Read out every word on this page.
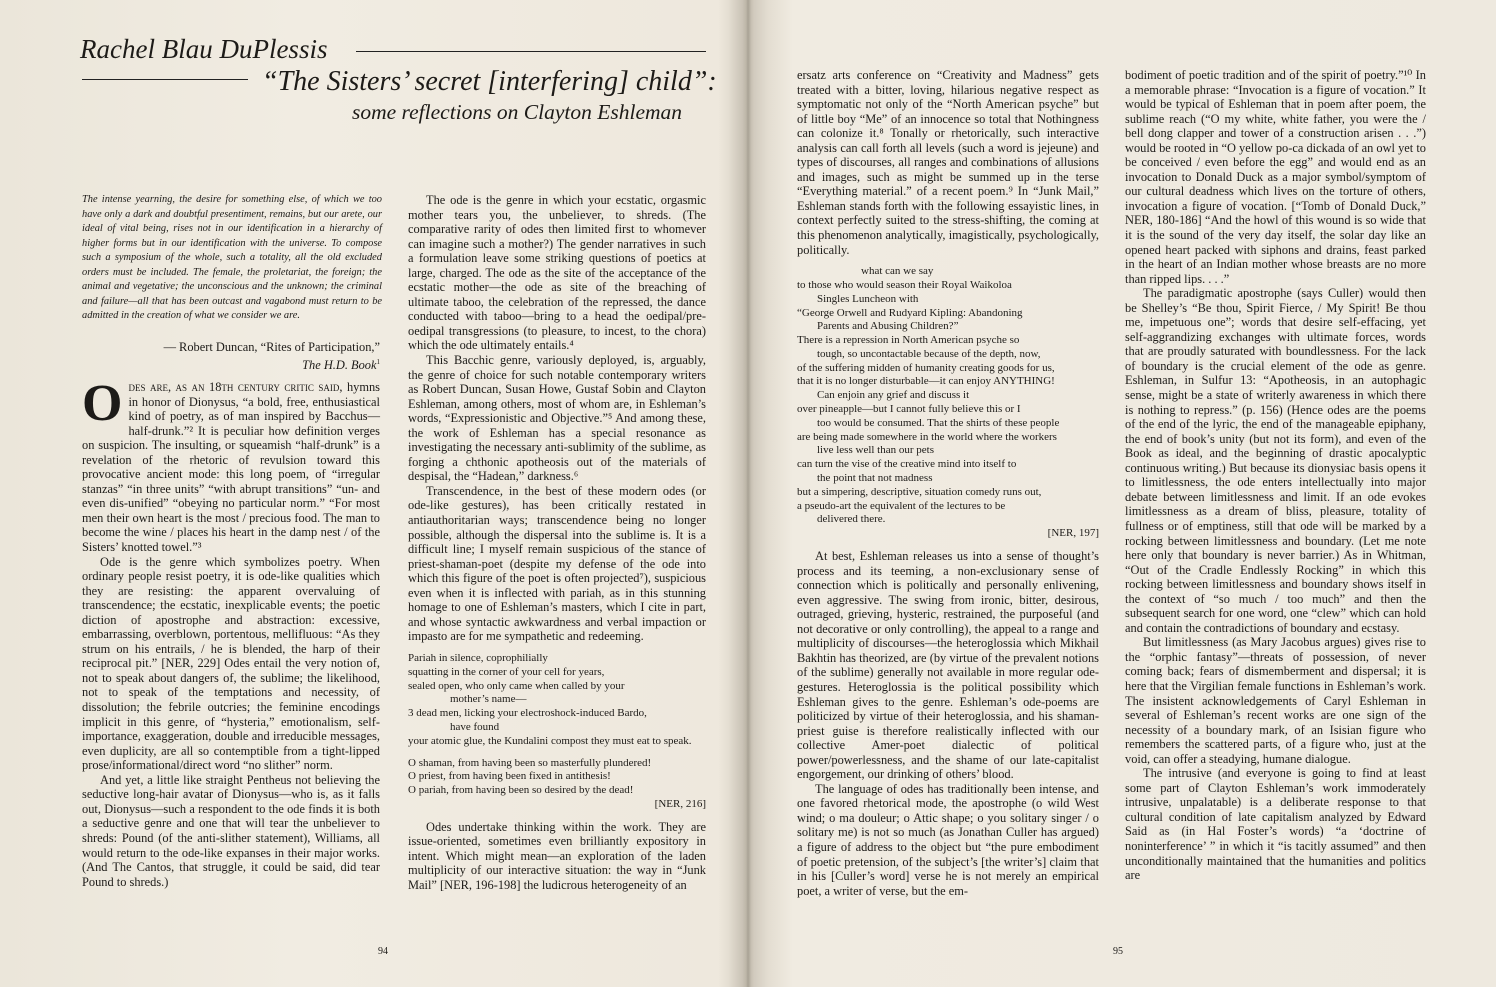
Rachel Blau DuPlessis
“The Sisters’ secret [interfering] child”:
some reflections on Clayton Eshleman
The intense yearning, the desire for something else, of which we too have only a dark and doubtful presentiment, remains, but our arete, our ideal of vital being, rises not in our identification in a hierarchy of higher forms but in our identification with the universe. To compose such a symposium of the whole, such a totality, all the old excluded orders must be included. The female, the proletariat, the foreign; the animal and vegetative; the unconscious and the unknown; the criminal and failure—all that has been outcast and vagabond must return to be admitted in the creation of what we consider we are.
— Robert Duncan, “Rites of Participation,”
The H.D. Book$^1$

Odes are, as an 18th century critic said, hymns in honor of Dionysus, “a bold, free, enthusiastical kind of poetry, as of man inspired by Bacchus—half-drunk.”² It is peculiar how definition verges on suspicion. The insulting, or squeamish “half-drunk” is a revelation of the rhetoric of revulsion toward this provocative ancient mode: this long poem, of “irregular stanzas” “in three units” “with abrupt transitions” “un- and even dis-unified” “obeying no particular norm.” “For most men their own heart is the most / precious food. The man to become the wine / places his heart in the damp nest / of the Sisters’ knotted towel.”³

Ode is the genre which symbolizes poetry. When ordinary people resist poetry, it is ode-like qualities which they are resisting: the apparent overvaluing of transcendence; the ecstatic, inexplicable events; the poetic diction of apostrophe and abstraction: excessive, embarrassing, overblown, portentous, mellifluous: “As they strum on his entrails, / he is blended, the harp of their reciprocal pit.” [NER, 229] Odes entail the very notion of, not to speak about dangers of, the sublime; the likelihood, not to speak of the temptations and necessity, of dissolution; the febrile outcries; the feminine encodings implicit in this genre, of “hysteria,” emotionalism, self-importance, exaggeration, double and irreducible messages, even duplicity, are all so contemptible from a tight-lipped prose/informational/direct word “no slither” norm.

And yet, a little like straight Pentheus not believing the seductive long-hair avatar of Dionysus—who is, as it falls out, Dionysus—such a respondent to the ode finds it is both a seductive genre and one that will tear the unbeliever to shreds: Pound (of the anti-slither statement), Williams, all would return to the ode-like expanses in their major works. (And The Cantos, that struggle, it could be said, did tear Pound to shreds.)

The ode is the genre in which your ecstatic, orgasmic mother tears you, the unbeliever, to shreds. (The comparative rarity of odes then limited first to whomever can imagine such a mother?) The gender narratives in such a formulation leave some striking questions of poetics at large, charged. The ode as the site of the acceptance of the ecstatic mother—the ode as site of the breaching of ultimate taboo, the celebration of the repressed, the dance conducted with taboo—bring to a head the oedipal/pre-oedipal transgressions (to pleasure, to incest, to the chora) which the ode ultimately entails.⁴

This Bacchic genre, variously deployed, is, arguably, the genre of choice for such notable contemporary writers as Robert Duncan, Susan Howe, Gustaf Sobin and Clayton Eshleman, among others, most of whom are, in Eshleman’s words, “Expressionistic and Objective.”⁵ And among these, the work of Eshleman has a special resonance as investigating the necessary anti-sublimity of the sublime, as forging a chthonic apotheosis out of the materials of despisal, the “Hadean,” darkness.⁶

Transcendence, in the best of these modern odes (or ode-like gestures), has been critically restated in antiauthoritarian ways; transcendence being no longer possible, although the dispersal into the sublime is. It is a difficult line; I myself remain suspicious of the stance of priest-shaman-poet (despite my defense of the ode into which this figure of the poet is often projected⁷), suspicious even when it is inflected with pariah, as in this stunning homage to one of Eshleman’s masters, which I cite in part, and whose syntactic awkwardness and verbal impaction or impasto are for me sympathetic and redeeming.

Pariah in silence, coprophilially
squatting in the corner of your cell for years,
sealed open, who only came when called by your
mother’s name—
3 dead men, licking your electroshock-induced Bardo,
have found
your atomic glue, the Kundalini compost they must eat to speak.
O shaman, from having been so masterfully plundered!
O priest, from having been fixed in antithesis!
O pariah, from having been so desired by the dead!
[NER, 216]

Odes undertake thinking within the work. They are issue-oriented, sometimes even brilliantly expository in intent. Which might mean—an exploration of the laden multiplicity of our interactive situation: the way in “Junk Mail” [NER, 196-198] the ludicrous heterogeneity of an

94

ersatz arts conference on “Creativity and Madness” gets treated with a bitter, loving, hilarious negative respect as symptomatic not only of the “North American psyche” but of little boy “Me” of an innocence so total that Nothingness can colonize it.⁸ Tonally or rhetorically, such interactive analysis can call forth all levels (such a word is jejeune) and types of discourses, all ranges and combinations of allusions and images, such as might be summed up in the terse “Everything material.” of a recent poem.⁹ In “Junk Mail,” Eshleman stands forth with the following essayistic lines, in context perfectly suited to the stress-shifting, the coming at this phenomenon analytically, imagistically, psychologically, politically.

what can we say
to those who would season their Royal Waikoloa
Singles Luncheon with
“George Orwell and Rudyard Kipling: Abandoning
Parents and Abusing Children?”
There is a repression in North American psyche so
tough, so uncontactable because of the depth, now,
of the suffering midden of humanity creating goods for us,
that it is no longer disturbable—it can enjoy ANYTHING!
Can enjoin any grief and discuss it
over pineapple—but I cannot fully believe this or I
too would be consumed. That the shirts of these people
are being made somewhere in the world where the workers
live less well than our pets
can turn the vise of the creative mind into itself to
the point that not madness
but a simpering, descriptive, situation comedy runs out,
a pseudo-art the equivalent of the lectures to be
delivered there.
[NER, 197]

At best, Eshleman releases us into a sense of thought’s process and its teeming, a non-exclusionary sense of connection which is politically and personally enlivening, even aggressive. The swing from ironic, bitter, desirous, outraged, grieving, hysteric, restrained, the purposeful (and not decorative or only controlling), the appeal to a range and multiplicity of discourses—the heteroglossia which Mikhail Bakhtin has theorized, are (by virtue of the prevalent notions of the sublime) generally not available in more regular ode-gestures. Heteroglossia is the political possibility which Eshleman gives to the genre. Eshleman’s ode-poems are politicized by virtue of their heteroglossia, and his shaman-priest guise is therefore realistically inflected with our collective Amer-poet dialectic of political power/powerlessness, and the shame of our late-capitalist engorgement, our drinking of others’ blood.

The language of odes has traditionally been intense, and one favored rhetorical mode, the apostrophe (o wild West wind; o ma douleur; o Attic shape; o you solitary singer / o solitary me) is not so much (as Jonathan Culler has argued) a figure of address to the object but “the pure embodiment of poetic pretension, of the subject’s [the writer’s] claim that in his [Culler’s word] verse he is not merely an empirical poet, a writer of verse, but the em-

bodiment of poetic tradition and of the spirit of poetry.”¹⁰ In a memorable phrase: “Invocation is a figure of vocation.” It would be typical of Eshleman that in poem after poem, the sublime reach (“O my white, white father, you were the / bell dong clapper and tower of a construction arisen . . .”) would be rooted in “O yellow po-ca dickada of an owl yet to be conceived / even before the egg” and would end as an invocation to Donald Duck as a major symbol/symptom of our cultural deadness which lives on the torture of others, invocation a figure of vocation. [“Tomb of Donald Duck,” NER, 180-186] “And the howl of this wound is so wide that it is the sound of the very day itself, the solar day like an opened heart packed with siphons and drains, feast parked in the heart of an Indian mother whose breasts are no more than ripped lips. . . .”

The paradigmatic apostrophe (says Culler) would then be Shelley’s “Be thou, Spirit Fierce, / My Spirit! Be thou me, impetuous one”; words that desire self-effacing, yet self-aggrandizing exchanges with ultimate forces, words that are proudly saturated with boundlessness. For the lack of boundary is the crucial element of the ode as genre. Eshleman, in Sulfur 13: “Apotheosis, in an autophagic sense, might be a state of writerly awareness in which there is nothing to repress.” (p. 156) (Hence odes are the poems of the end of the lyric, the end of the manageable epiphany, the end of book’s unity (but not its form), and even of the Book as ideal, and the beginning of drastic apocalyptic continuous writing.) But because its dionysiac basis opens it to limitlessness, the ode enters intellectually into major debate between limitlessness and limit. If an ode evokes limitlessness as a dream of bliss, pleasure, totality of fullness or of emptiness, still that ode will be marked by a rocking between limitlessness and boundary. (Let me note here only that boundary is never barrier.) As in Whitman, “Out of the Cradle Endlessly Rocking” in which this rocking between limitlessness and boundary shows itself in the context of “so much / too much” and then the subsequent search for one word, one “clew” which can hold and contain the contradictions of boundary and ecstasy.

But limitlessness (as Mary Jacobus argues) gives rise to the “orphic fantasy”—threats of possession, of never coming back; fears of dismemberment and dispersal; it is here that the Virgilian female functions in Eshleman’s work. The insistent acknowledgements of Caryl Eshleman in several of Eshleman’s recent works are one sign of the necessity of a boundary mark, of an Isisian figure who remembers the scattered parts, of a figure who, just at the void, can offer a steadying, humane dialogue.

The intrusive (and everyone is going to find at least some part of Clayton Eshleman’s work immoderately intrusive, unpalatable) is a deliberate response to that cultural condition of late capitalism analyzed by Edward Said as (in Hal Foster’s words) “a ‘doctrine of noninterference’ ” in which it “is tacitly assumed” and then unconditionally maintained that the humanities and politics are

95
